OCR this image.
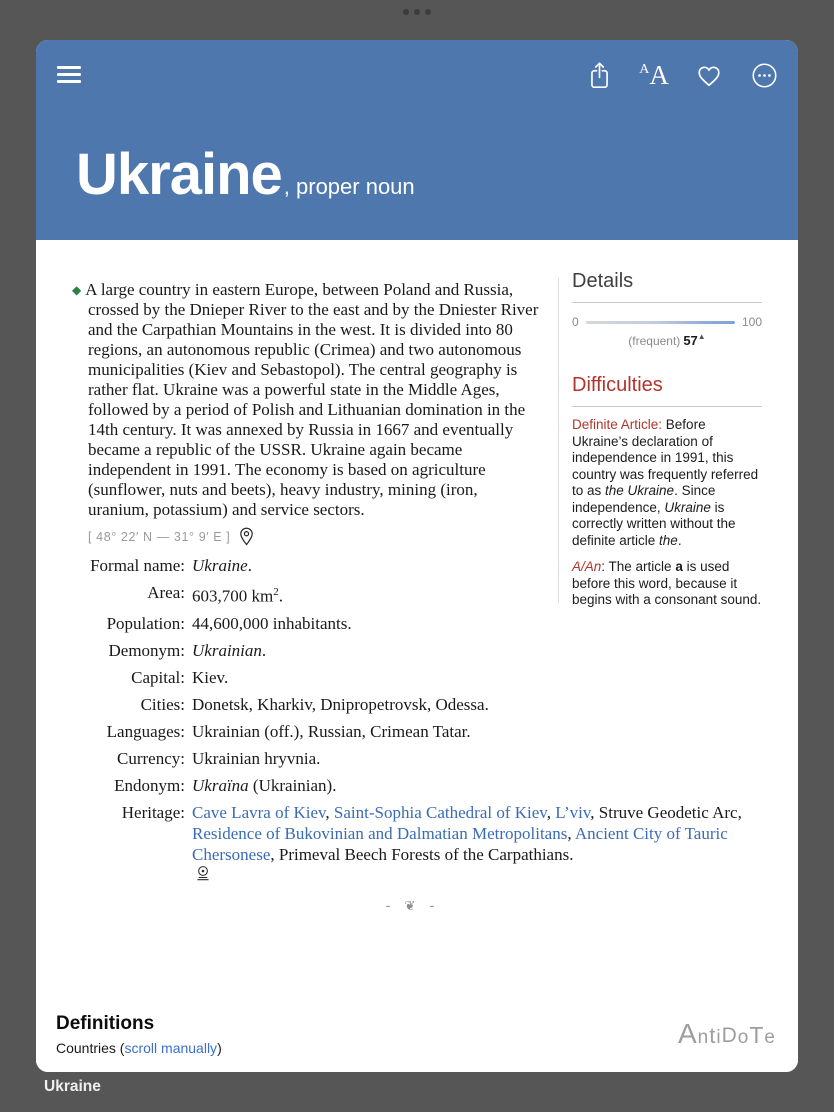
A A
Ukraine , proper noun
◆ A large country in eastern Europe, between Poland and Russia, crossed by the Dnieper River to the east and by the Dniester River and the Carpathian Mountains in the west. It is divided into 80 regions, an autonomous republic (Crimea) and two autonomous municipalities (Kiev and Sebastopol). The central geography is rather flat. Ukraine was a powerful state in the Middle Ages, followed by a period of Polish and Lithuanian domination in the 14th century. It was annexed by Russia in 1667 and eventually became a republic of the USSR. Ukraine again became independent in 1991. The economy is based on agriculture (sunflower, nuts and beets), heavy industry, mining (iron, uranium, potassium) and service sectors.
[ 48° 22′ N — 31° 9′ E ]
Formal name: Ukraine.
Area: 603,700 $km^2$.
Population: 44,600,000 inhabitants.
Demonym: Ukrainian.
Capital: Kiev.
Cities: Donetsk, Kharkiv, Dnipropetrovsk, Odessa.
Languages: Ukrainian (off.), Russian, Crimean Tatar.
Currency: Ukrainian hryvnia.
Endonym: Ukraïna (Ukrainian).
Heritage: Cave Lavra of Kiev, Saint-Sophia Cathedral of Kiev, L’viv, Struve Geodetic Arc, Residence of Bukovinian and Dalmatian Metropolitans, Ancient City of Tauric Chersonese, Primeval Beech Forests of the Carpathians.
- ❦ -
Details
0	100
(frequent) 57▲
Difficulties

Definite Article: Before Ukraine’s declaration of independence in 1991, this country was frequently referred to as the Ukraine. Since independence, Ukraine is correctly written without the definite article the.

A/An: The article a is used before this word, because it begins with a consonant sound.

Definitions
Countries (scroll manually)	A n t i D o T e
Ukraine
